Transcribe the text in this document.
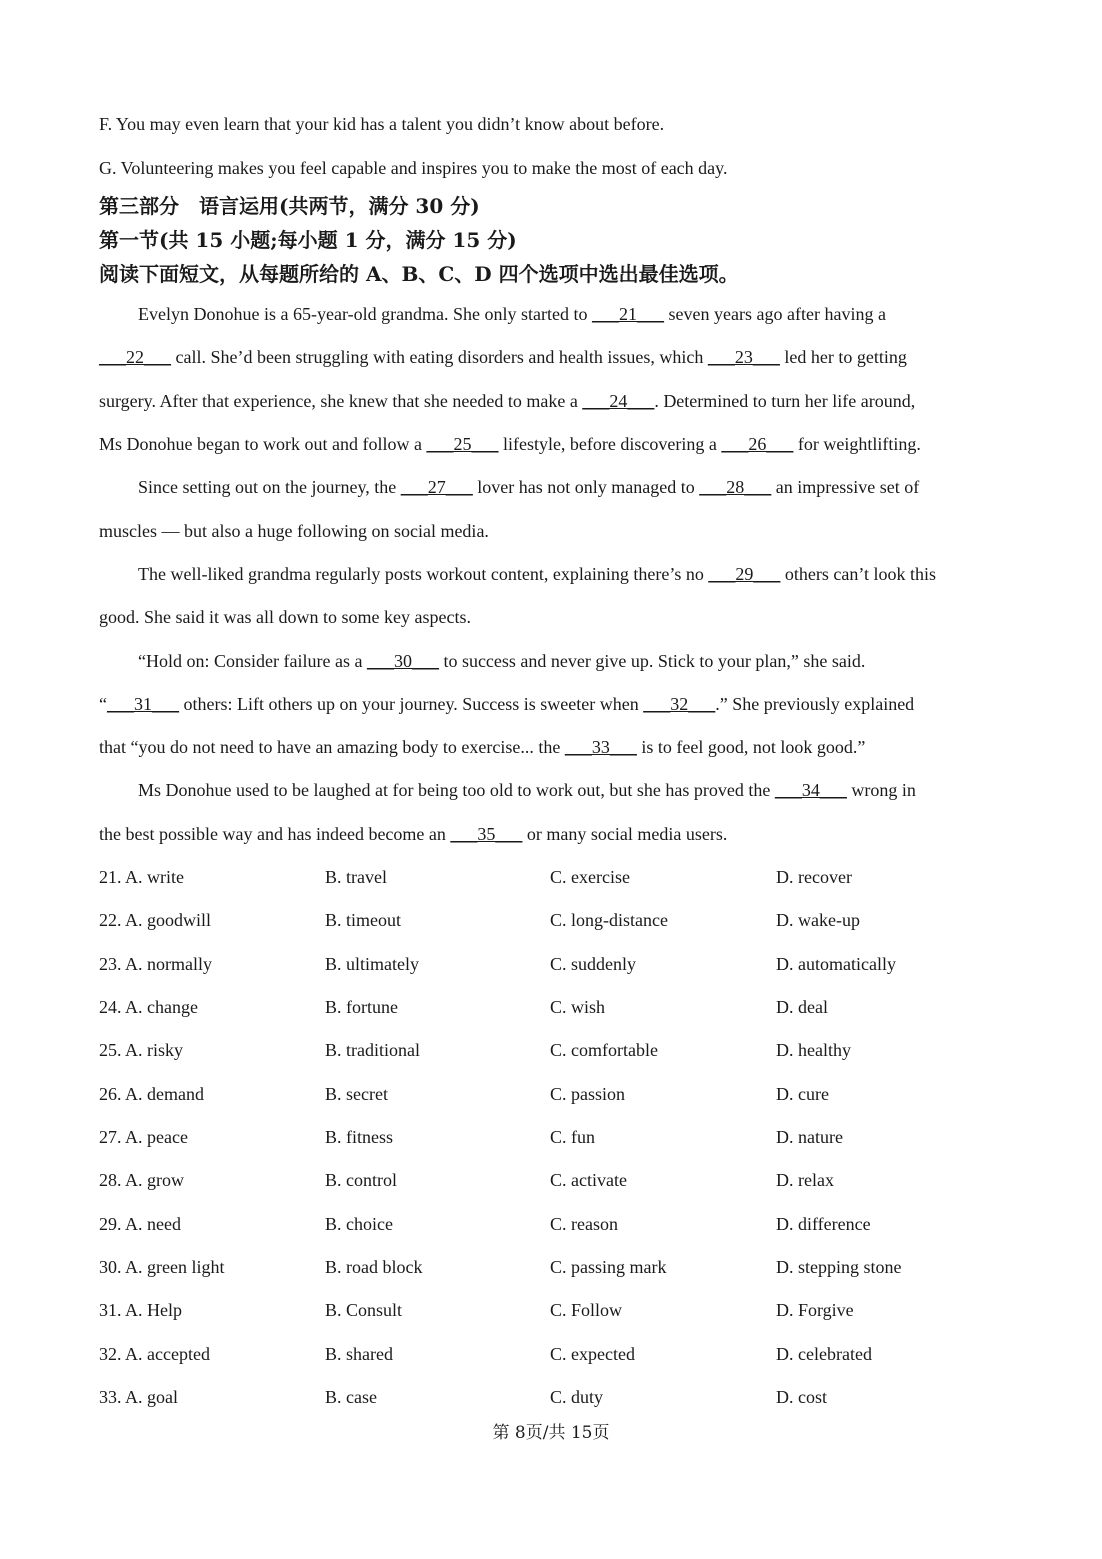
F. You may even learn that your kid has a talent you didn’t know about before.
G. Volunteering makes you feel capable and inspires you to make the most of each day.
第三部分　语言运用(共两节，满分 30 分)
第一节(共 15 小题;每小题 1 分，满分 15 分)
阅读下面短文，从每题所给的 A、B、C、D 四个选项中选出最佳选项。
Evelyn Donohue is a 65-year-old grandma. She only started to ___21___ seven years ago after having a
___22___ call. She’d been struggling with eating disorders and health issues, which ___23___ led her to getting
surgery. After that experience, she knew that she needed to make a ___24___. Determined to turn her life around,
Ms Donohue began to work out and follow a ___25___ lifestyle, before discovering a ___26___ for weightlifting.
Since setting out on the journey, the ___27___ lover has not only managed to ___28___ an impressive set of
muscles — but also a huge following on social media.
The well-liked grandma regularly posts workout content, explaining there’s no ___29___ others can’t look this
good. She said it was all down to some key aspects.
“Hold on: Consider failure as a ___30___ to success and never give up. Stick to your plan,” she said.
“___31___ others: Lift others up on your journey. Success is sweeter when ___32___.” She previously explained
that “you do not need to have an amazing body to exercise... the ___33___ is to feel good, not look good.”
Ms Donohue used to be laughed at for being too old to work out, but she has proved the ___34___ wrong in
the best possible way and has indeed become an ___35___ or many social media users.
21. A. write	B. travel	C. exercise	D. recover
22. A. goodwill	B. timeout	C. long-distance	D. wake-up
23. A. normally	B. ultimately	C. suddenly	D. automatically
24. A. change	B. fortune	C. wish	D. deal
25. A. risky	B. traditional	C. comfortable	D. healthy
26. A. demand	B. secret	C. passion	D. cure
27. A. peace	B. fitness	C. fun	D. nature
28. A. grow	B. control	C. activate	D. relax
29. A. need	B. choice	C. reason	D. difference
30. A. green light	B. road block	C. passing mark	D. stepping stone
31. A. Help	B. Consult	C. Follow	D. Forgive
32. A. accepted	B. shared	C. expected	D. celebrated
33. A. goal	B. case	C. duty	D. cost
第 8页/共 15页
